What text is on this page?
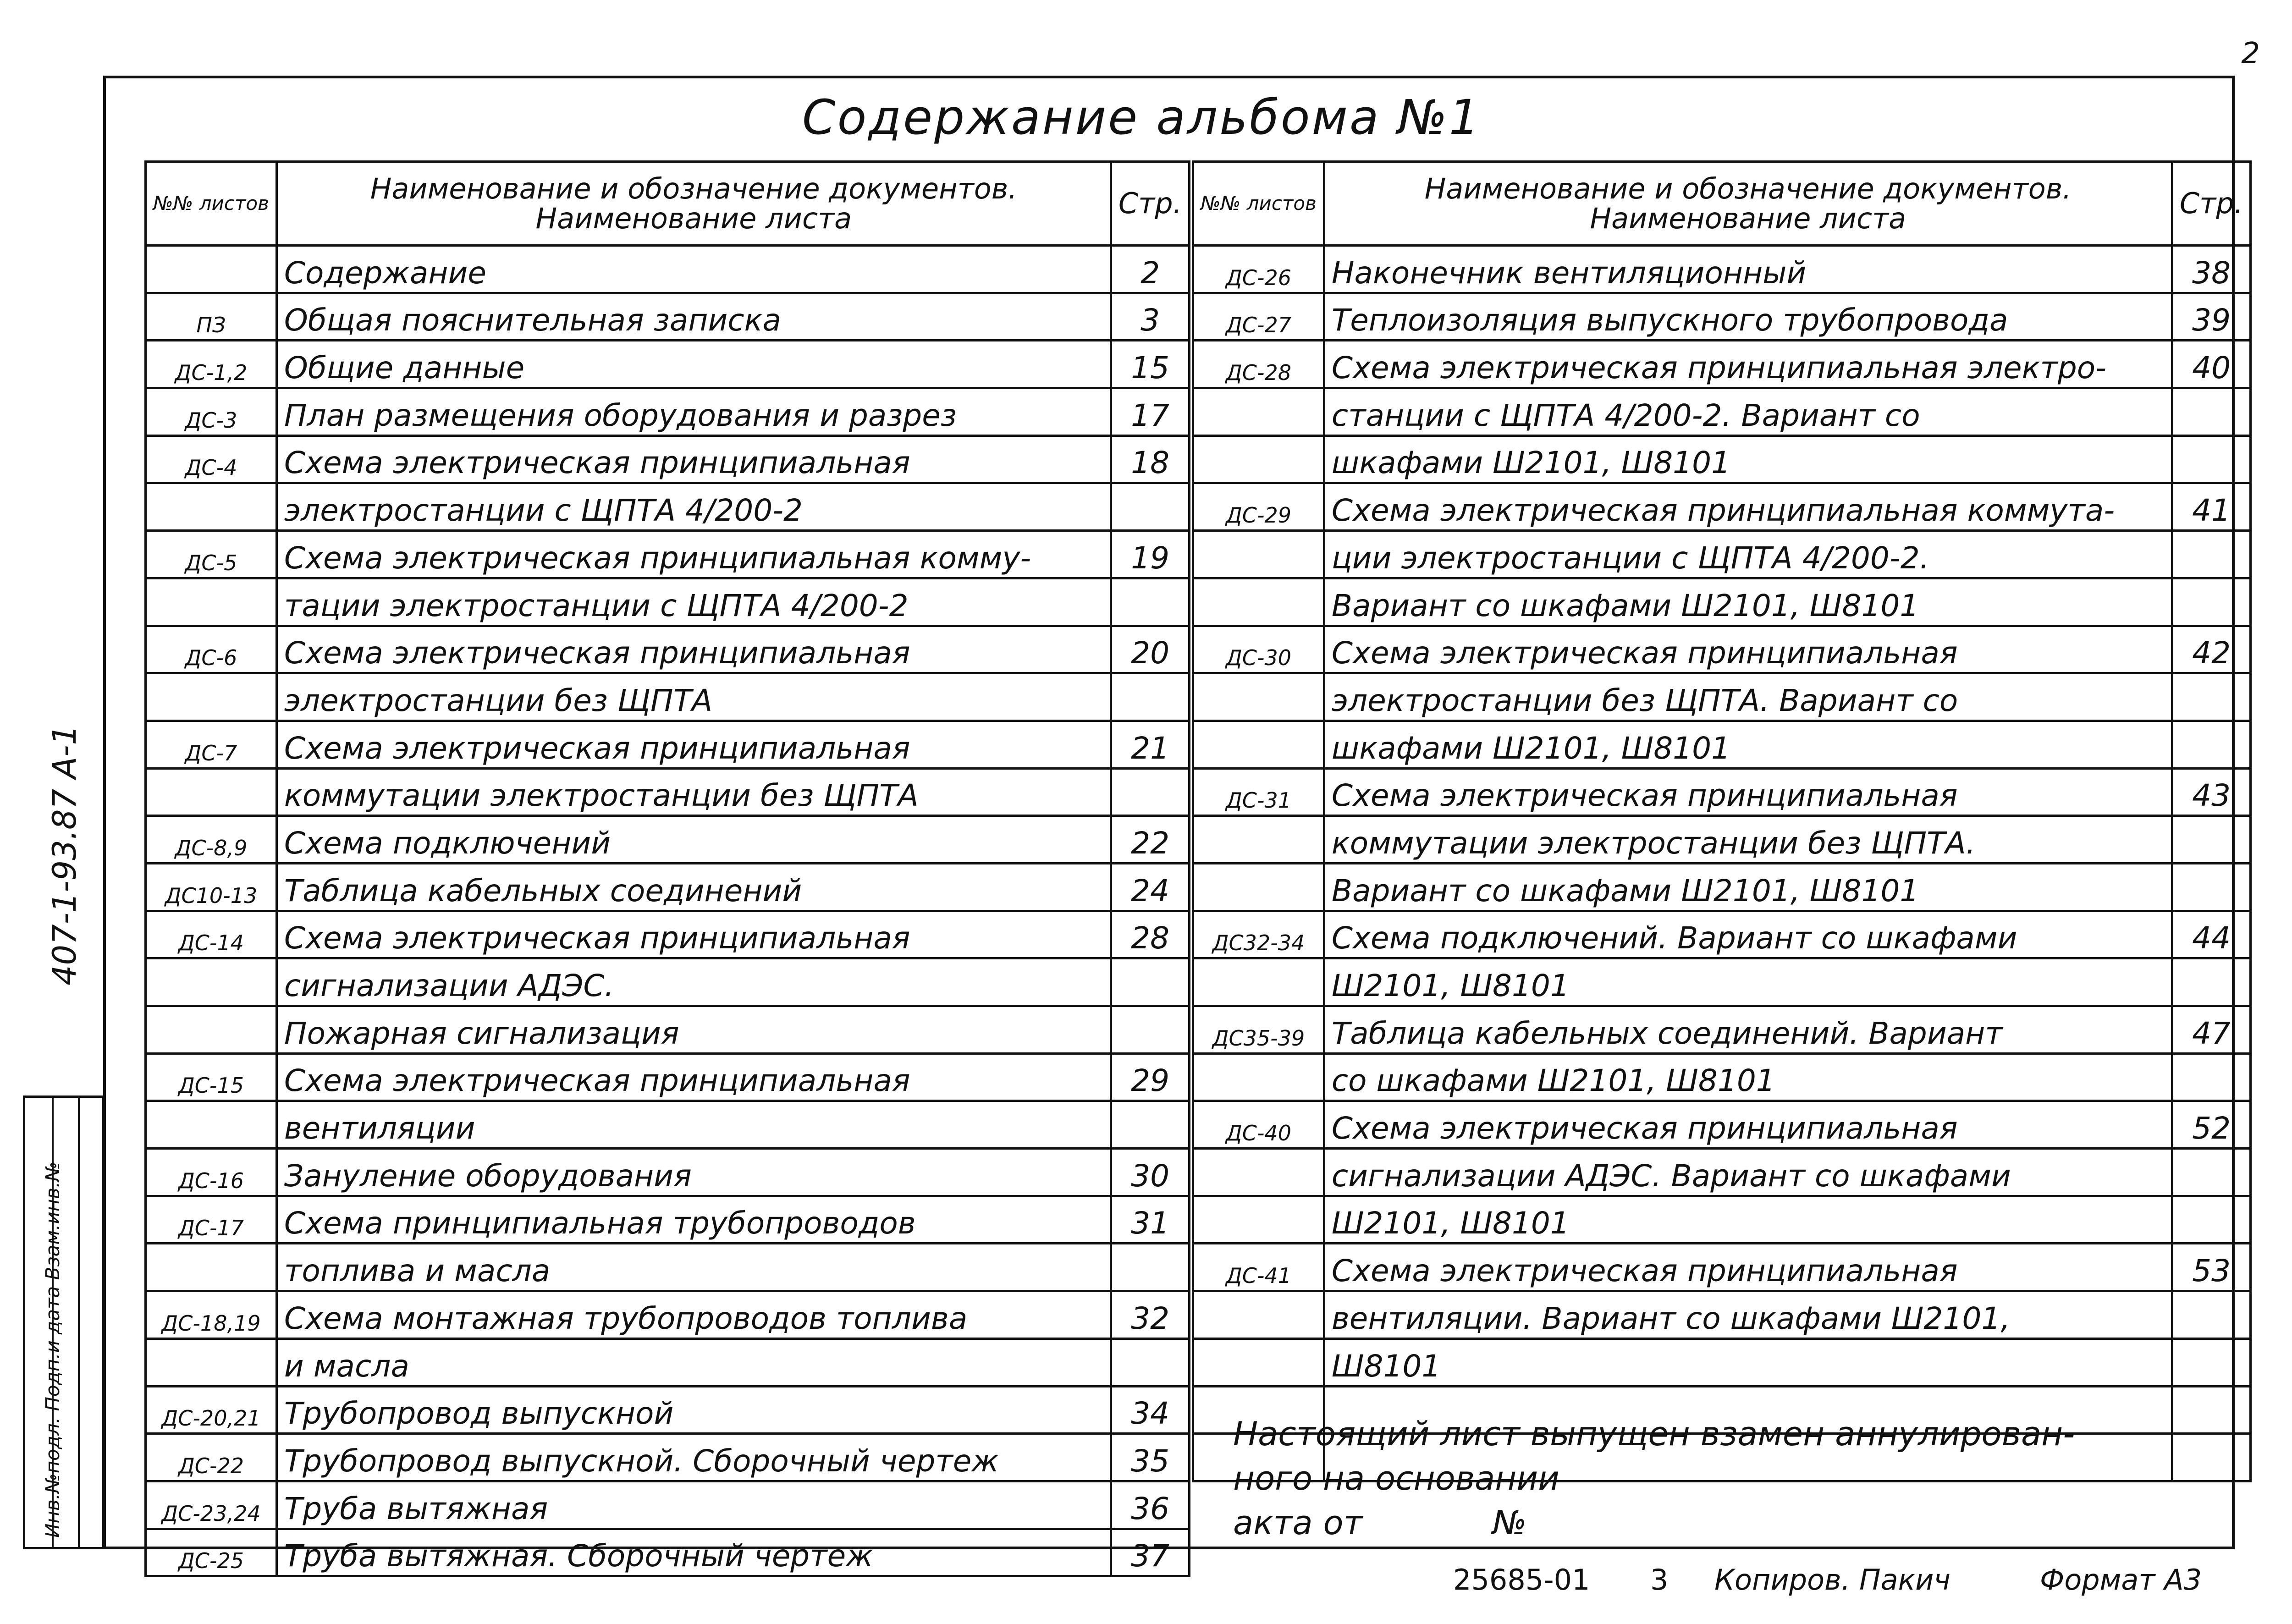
2
Содержание альбома №1
407-1-93.87 А-1
Инв.№подл. Подп.и дата Взам.инв.№
№№ листов	Наименование и обозначение документов. Наименование листа	Стр.
	Содержание	2
ПЗ	Общая пояснительная записка	3
ДС-1,2	Общие данные	15
ДС-3	План размещения оборудования и разрез	17
ДС-4	Схема электрическая принципиальная	18
	электростанции с ЩПТА 4/200-2	
ДС-5	Схема электрическая принципиальная комму-	19
	тации электростанции с ЩПТА 4/200-2	
ДС-6	Схема электрическая принципиальная	20
	электростанции без ЩПТА	
ДС-7	Схема электрическая принципиальная	21
	коммутации электростанции без ЩПТА	
ДС-8,9	Схема подключений	22
ДС10-13	Таблица кабельных соединений	24
ДС-14	Схема электрическая принципиальная	28
	сигнализации АДЭС.	
	Пожарная сигнализация	
ДС-15	Схема электрическая принципиальная	29
	вентиляции	
ДС-16	Зануление оборудования	30
ДС-17	Схема принципиальная трубопроводов	31
	топлива и масла	
ДС-18,19	Схема монтажная трубопроводов топлива	32
	и масла	
ДС-20,21	Трубопровод выпускной	34
ДС-22	Трубопровод выпускной. Сборочный чертеж	35
ДС-23,24	Труба вытяжная	36
ДС-25	Труба вытяжная. Сборочный чертеж	37
№№ листов	Наименование и обозначение документов. Наименование листа	Стр.
ДС-26	Наконечник вентиляционный	38
ДС-27	Теплоизоляция выпускного трубопровода	39
ДС-28	Схема электрическая принципиальная электро-	40
	станции с ЩПТА 4/200-2. Вариант со	
	шкафами Ш2101, Ш8101	
ДС-29	Схема электрическая принципиальная коммута-	41
	ции электростанции с ЩПТА 4/200-2.	
	Вариант со шкафами Ш2101, Ш8101	
ДС-30	Схема электрическая принципиальная	42
	электростанции без ЩПТА. Вариант со	
	шкафами Ш2101, Ш8101	
ДС-31	Схема электрическая принципиальная	43
	коммутации электростанции без ЩПТА.	
	Вариант со шкафами Ш2101, Ш8101	
ДС32-34	Схема подключений. Вариант со шкафами	44
	Ш2101, Ш8101	
ДС35-39	Таблица кабельных соединений. Вариант	47
	со шкафами Ш2101, Ш8101	
ДС-40	Схема электрическая принципиальная	52
	сигнализации АДЭС. Вариант со шкафами	
	Ш2101, Ш8101	
ДС-41	Схема электрическая принципиальная	53
	вентиляции. Вариант со шкафами Ш2101,	
	Ш8101	

Настоящий лист выпущен взамен аннулирован-
ного на основании
акта от	№
25685-01 3 Копиров. Пакич	Формат А3
